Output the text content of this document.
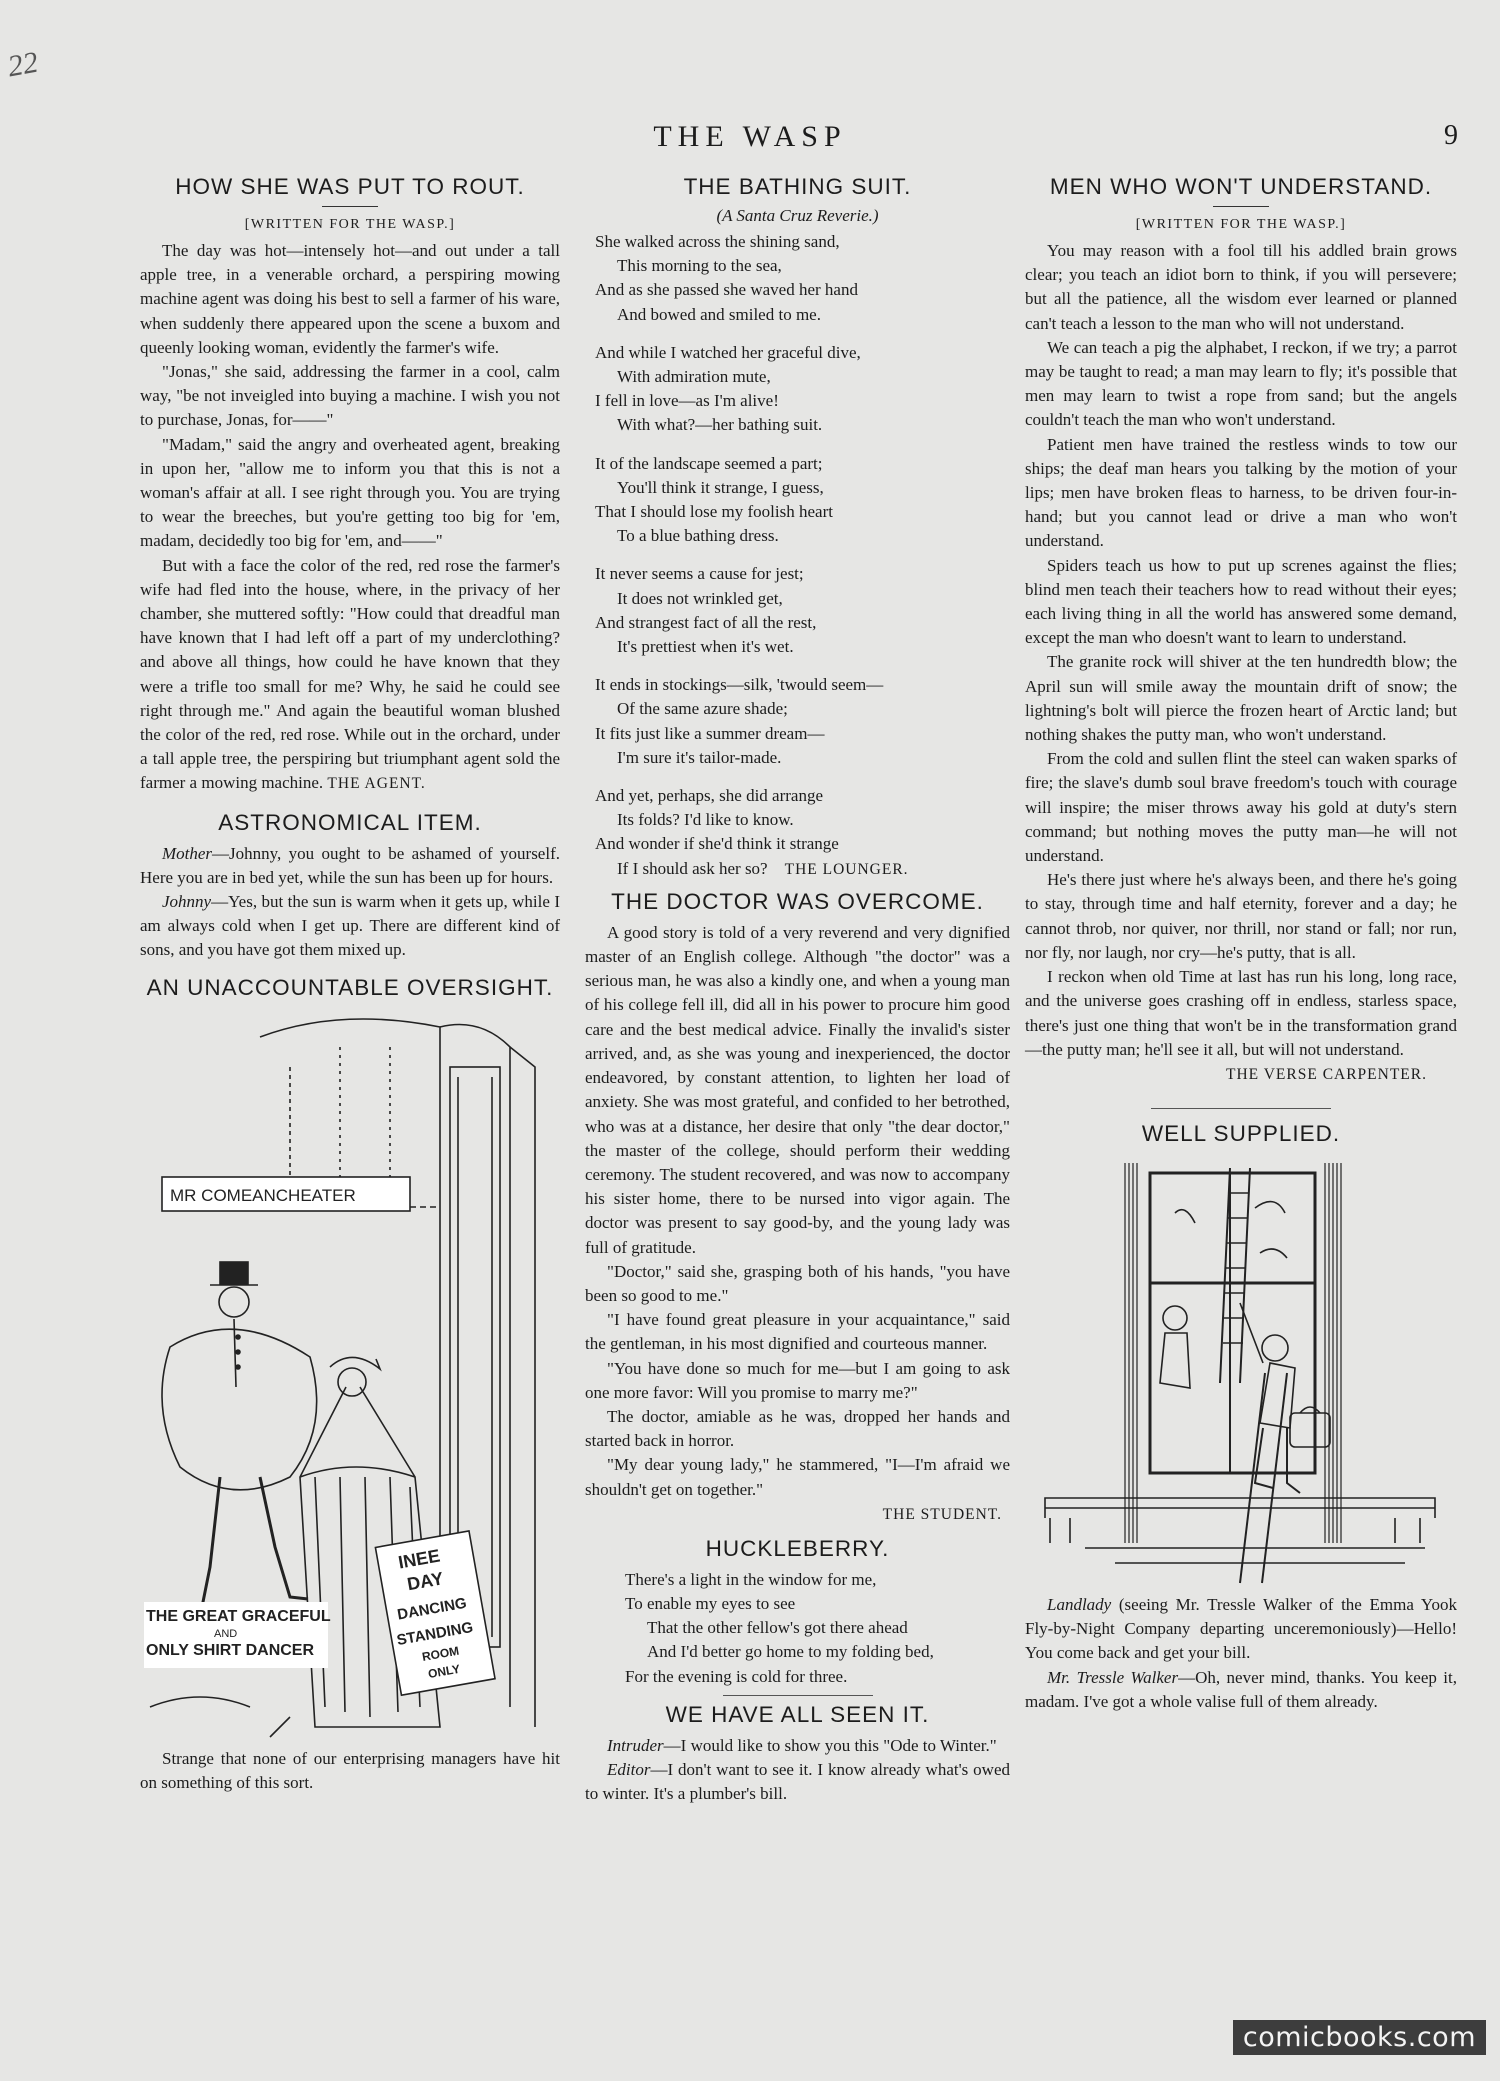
22
THE WASP	9
HOW SHE WAS PUT TO ROUT.
[WRITTEN FOR THE WASP.]

The day was hot—intensely hot—and out under a tall apple tree, in a venerable orchard, a perspiring mowing machine agent was doing his best to sell a farmer of his ware, when suddenly there appeared upon the scene a buxom and queenly looking woman, evidently the farmer's wife.

"Jonas," she said, addressing the farmer in a cool, calm way, "be not inveigled into buying a machine. I wish you not to purchase, Jonas, for——"

"Madam," said the angry and overheated agent, breaking in upon her, "allow me to inform you that this is not a woman's affair at all. I see right through you. You are trying to wear the breeches, but you're getting too big for 'em, madam, decidedly too big for 'em, and——"

But with a face the color of the red, red rose the farmer's wife had fled into the house, where, in the privacy of her chamber, she muttered softly: "How could that dreadful man have known that I had left off a part of my underclothing? and above all things, how could he have known that they were a trifle too small for me? Why, he said he could see right through me." And again the beautiful woman blushed the color of the red, red rose. While out in the orchard, under a tall apple tree, the perspiring but triumphant agent sold the farmer a mowing machine. THE AGENT.

ASTRONOMICAL ITEM.

Mother—Johnny, you ought to be ashamed of yourself. Here you are in bed yet, while the sun has been up for hours.

Johnny—Yes, but the sun is warm when it gets up, while I am always cold when I get up. There are different kind of sons, and you have got them mixed up.

AN UNACCOUNTABLE OVERSIGHT.
MR COMEANCHEATER
THE GREAT GRACEFUL
AND
ONLY SHIRT DANCER
INEE
DAY
DANCING
STANDING
ROOM
ONLY
Strange that none of our enterprising managers have hit on something of this sort.
THE BATHING SUIT.
(A Santa Cruz Reverie.)
She walked across the shining sand,
This morning to the sea,
And as she passed she waved her hand
And bowed and smiled to me.
And while I watched her graceful dive,
With admiration mute,
I fell in love—as I'm alive!
With what?—her bathing suit.
It of the landscape seemed a part;
You'll think it strange, I guess,
That I should lose my foolish heart
To a blue bathing dress.
It never seems a cause for jest;
It does not wrinkled get,
And strangest fact of all the rest,
It's prettiest when it's wet.
It ends in stockings—silk, 'twould seem—
Of the same azure shade;
It fits just like a summer dream—
I'm sure it's tailor-made.
And yet, perhaps, she did arrange
Its folds? I'd like to know.
And wonder if she'd think it strange
If I should ask her so? THE LOUNGER.
THE DOCTOR WAS OVERCOME.

A good story is told of a very reverend and very dignified master of an English college. Although "the doctor" was a serious man, he was also a kindly one, and when a young man of his college fell ill, did all in his power to procure him good care and the best medical advice. Finally the invalid's sister arrived, and, as she was young and inexperienced, the doctor endeavored, by constant attention, to lighten her load of anxiety. She was most grateful, and confided to her betrothed, who was at a distance, her desire that only "the dear doctor," the master of the college, should perform their wedding ceremony. The student recovered, and was now to accompany his sister home, there to be nursed into vigor again. The doctor was present to say good-by, and the young lady was full of gratitude.

"Doctor," said she, grasping both of his hands, "you have been so good to me."

"I have found great pleasure in your acquaintance," said the gentleman, in his most dignified and courteous manner.

"You have done so much for me—but I am going to ask one more favor: Will you promise to marry me?"

The doctor, amiable as he was, dropped her hands and started back in horror.

"My dear young lady," he stammered, "I—I'm afraid we shouldn't get on together."

THE STUDENT.
HUCKLEBERRY.
There's a light in the window for me,
To enable my eyes to see
That the other fellow's got there ahead
And I'd better go home to my folding bed,
For the evening is cold for three.
WE HAVE ALL SEEN IT.

Intruder—I would like to show you this "Ode to Winter."

Editor—I don't want to see it. I know already what's owed to winter. It's a plumber's bill.

MEN WHO WON'T UNDERSTAND.
[WRITTEN FOR THE WASP.]

You may reason with a fool till his addled brain grows clear; you teach an idiot born to think, if you will persevere; but all the patience, all the wisdom ever learned or planned can't teach a lesson to the man who will not understand.

We can teach a pig the alphabet, I reckon, if we try; a parrot may be taught to read; a man may learn to fly; it's possible that men may learn to twist a rope from sand; but the angels couldn't teach the man who won't understand.

Patient men have trained the restless winds to tow our ships; the deaf man hears you talking by the motion of your lips; men have broken fleas to harness, to be driven four-in-hand; but you cannot lead or drive a man who won't understand.

Spiders teach us how to put up screnes against the flies; blind men teach their teachers how to read without their eyes; each living thing in all the world has answered some demand, except the man who doesn't want to learn to understand.

The granite rock will shiver at the ten hundredth blow; the April sun will smile away the mountain drift of snow; the lightning's bolt will pierce the frozen heart of Arctic land; but nothing shakes the putty man, who won't understand.

From the cold and sullen flint the steel can waken sparks of fire; the slave's dumb soul brave freedom's touch with courage will inspire; the miser throws away his gold at duty's stern command; but nothing moves the putty man—he will not understand.

He's there just where he's always been, and there he's going to stay, through time and half eternity, forever and a day; he cannot throb, nor quiver, nor thrill, nor stand or fall; nor run, nor fly, nor laugh, nor cry—he's putty, that is all.

I reckon when old Time at last has run his long, long race, and the universe goes crashing off in endless, starless space, there's just one thing that won't be in the transformation grand—the putty man; he'll see it all, but will not understand.

THE VERSE CARPENTER.
WELL SUPPLIED.

Landlady (seeing Mr. Tressle Walker of the Emma Yook Fly-by-Night Company departing unceremoniously)—Hello! You come back and get your bill.

Mr. Tressle Walker—Oh, never mind, thanks. You keep it, madam. I've got a whole valise full of them already.

comicbooks.com
